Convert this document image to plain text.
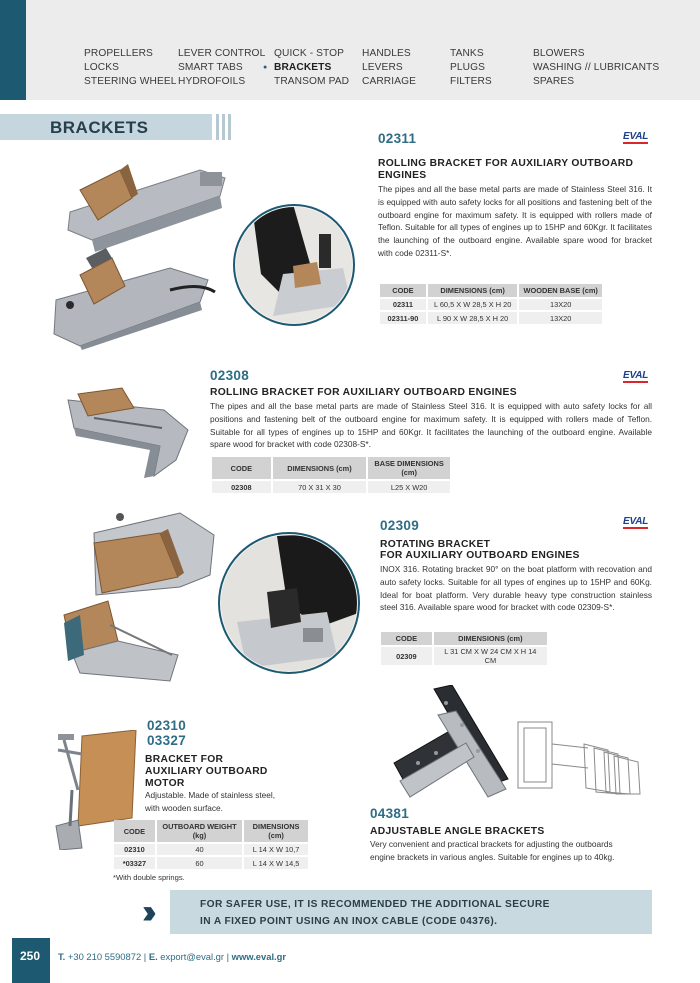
PROPELLERS
LOCKS
STEERING WHEEL
LEVER CONTROL
SMART TABS
HYDROFOILS
QUICK - STOP
● BRACKETS
TRANSOM PAD
HANDLES
LEVERS
CARRIAGE
TANKS
PLUGS
FILTERS
BLOWERS
WASHING // LUBRICANTS
SPARES
BRACKETS
02311	EVAL
ROLLING BRACKET FOR AUXILIARY OUTBOARD
ENGINES
The pipes and all the base metal parts are made of Stainless Steel 316. It is equipped with auto safety locks for all positions and fastening belt of the outboard engine for maximum safety. It is equipped with rollers made of Teflon. Suitable for all types of engines up to 15HP and 60Kgr. It facilitates the launching of the outboard engine. Available spare wood for bracket with code 02311-S*.
CODE	DIMENSIONS (cm)	WOODEN BASE (cm)
02311	L 60,5 X W 28,5 X H 20	13X20
02311-90	L 90 X W 28,5 X H 20	13X20
02308	EVAL
ROLLING BRACKET FOR AUXILIARY OUTBOARD ENGINES
The pipes and all the base metal parts are made of Stainless Steel 316. It is equipped with auto safety locks for all positions and fastening belt of the outboard engine for maximum safety. It is equipped with rollers made of Teflon. Suitable for all types of engines up to 15HP and 60Kgr. It facilitates the launching of the outboard engine. Available spare wood for bracket with code 02308-S*.
CODE	DIMENSIONS (cm)	BASE DIMENSIONS (cm)
02308	70 X 31 X 30	L25 X W20
02309	EVAL
ROTATING BRACKET
FOR AUXILIARY OUTBOARD ENGINES
INOX 316. Rotating bracket 90° on the boat platform with recovation and auto safety locks. Suitable for all types of engines up to 15HP and 60Kg. Ideal for boat platform. Very durable heavy type construction stainless steel 316. Available spare wood for bracket with code 02309-S*.
CODE	DIMENSIONS (cm)
02309	L 31 CM X W 24 CM X H 14 CM
02310
03327
BRACKET FOR
AUXILIARY OUTBOARD
MOTOR
Adjustable. Made of stainless steel, with wooden surface.
CODE	OUTBOARD WEIGHT (kg)	DIMENSIONS (cm)
02310	40	L 14 X W 10,7
*03327	60	L 14 X W 14,5
*With double springs.
04381
ADJUSTABLE ANGLE BRACKETS
Very convenient and practical brackets for adjusting the outboards engine brackets in various angles. Suitable for engines up to 40kg.
››	FOR SAFER USE, IT IS RECOMMENDED THE ADDITIONAL SECURE
IN A FIXED POINT USING AN INOX CABLE (CODE 04376).
250 T. +30 210 5590872 | E. export@eval.gr | www.eval.gr
